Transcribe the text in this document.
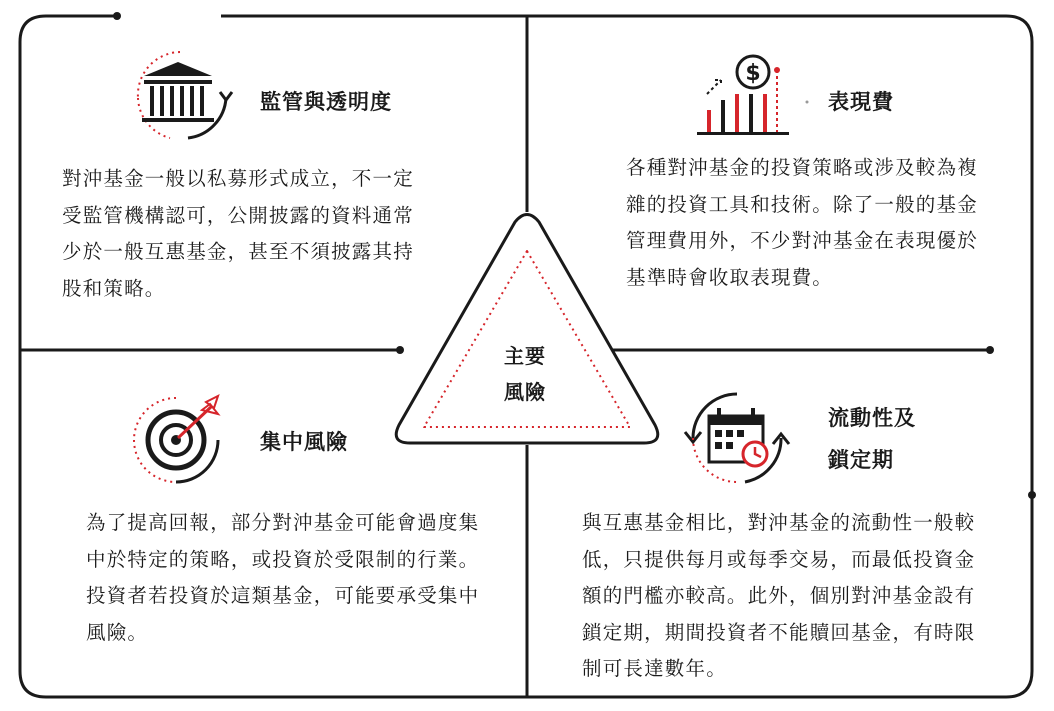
主要
風險
監管與透明度

對沖基金一般以私募形式成立，不一定受監管機構認可，公開披露的資料通常少於一般互惠基金，甚至不須披露其持股和策略。

$
表現費

各種對沖基金的投資策略或涉及較為複雜的投資工具和技術。除了一般的基金管理費用外，不少對沖基金在表現優於基準時會收取表現費。

集中風險

為了提高回報，部分對沖基金可能會過度集中於特定的策略，或投資於受限制的行業。投資者若投資於這類基金，可能要承受集中風險。

流動性及
鎖定期

與互惠基金相比，對沖基金的流動性一般較低，只提供每月或每季交易，而最低投資金額的門檻亦較高。此外，個別對沖基金設有鎖定期，期間投資者不能贖回基金，有時限制可長達數年。
